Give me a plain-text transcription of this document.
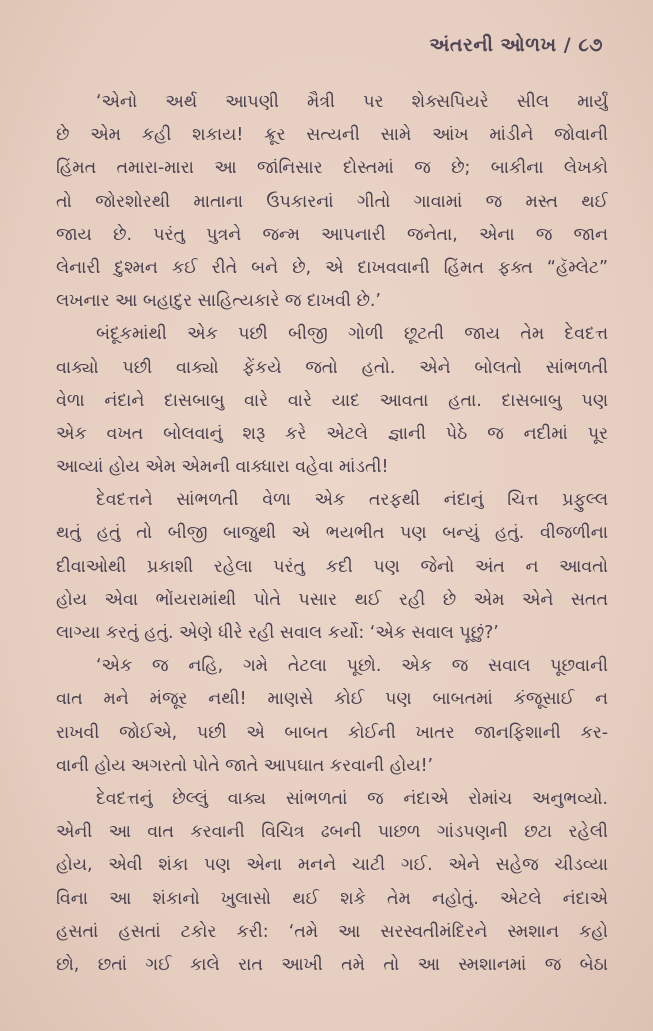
અંતરની ઓળખ / ૮૭
‘એનો અર્થ આપણી મૈત્રી પર શેક્સપિયરે સીલ માર્યું
છે એમ કહી શકાય! ક્રૂર સત્યની સામે આંખ માંડીને જોવાની
હિંમત તમારા-મારા આ જાંનિસાર દોસ્તમાં જ છે; બાકીના લેખકો
તો જોરશોરથી માતાના ઉપકારનાં ગીતો ગાવામાં જ મસ્ત થઈ
જાય છે. પરંતુ પુત્રને જન્મ આપનારી જનેતા, એના જ જાન
લેનારી દુશ્મન કઈ રીતે બને છે, એ દાખવવાની હિંમત ફક્ત “હૅમ્લેટ”
લખનાર આ બહાદુર સાહિત્યકારે જ દાખવી છે.’
બંદૂકમાંથી એક પછી બીજી ગોળી છૂટતી જાય તેમ દેવદત્ત
વાક્યો પછી વાક્યો ફેંકયે જતો હતો. એને બોલતો સાંભળતી
વેળા નંદાને દાસબાબુ વારે વારે યાદ આવતા હતા. દાસબાબુ પણ
એક વખત બોલવાનું શરૂ કરે એટલે જ્ઞાની પેઠે જ નદીમાં પૂર
આવ્યાં હોય એમ એમની વાક્ધારા વહેવા માંડતી!
દેવદત્તને સાંભળતી વેળા એક તરફથી નંદાનું ચિત્ત પ્રફુલ્લ
થતું હતું તો બીજી બાજુથી એ ભયભીત પણ બન્યું હતું. વીજળીના
દીવાઓથી પ્રકાશી રહેલા પરંતુ કદી પણ જેનો અંત ન આવતો
હોય એવા ભોંયરામાંથી પોતે પસાર થઈ રહી છે એમ એને સતત
લાગ્યા કરતું હતું. એણે ધીરે રહી સવાલ કર્યો: ‘એક સવાલ પૂછું?’
‘એક જ નહિ, ગમે તેટલા પૂછો. એક જ સવાલ પૂછવાની
વાત મને મંજૂર નથી! માણસે કોઈ પણ બાબતમાં કંજૂસાઈ ન
રાખવી જોઈએ, પછી એ બાબત કોઈની ખાતર જાનફિશાની કર-
વાની હોય અગરતો પોતે જાતે આપઘાત કરવાની હોય!’
દેવદત્તનું છેલ્લું વાક્ય સાંભળતાં જ નંદાએ રોમાંચ અનુભવ્યો.
એની આ વાત કરવાની વિચિત્ર ઢબની પાછળ ગાંડપણની છટા રહેલી
હોય, એવી શંકા પણ એના મનને ચાટી ગઈ. એને સહેજ ચીડવ્યા
વિના આ શંકાનો ખુલાસો થઈ શકે તેમ નહોતું. એટલે નંદાએ
હસતાં હસતાં ટકોર કરી: ‘તમે આ સરસ્વતીમંદિરને સ્મશાન કહો
છો, છતાં ગઈ કાલે રાત આખી તમે તો આ સ્મશાનમાં જ બેઠા
